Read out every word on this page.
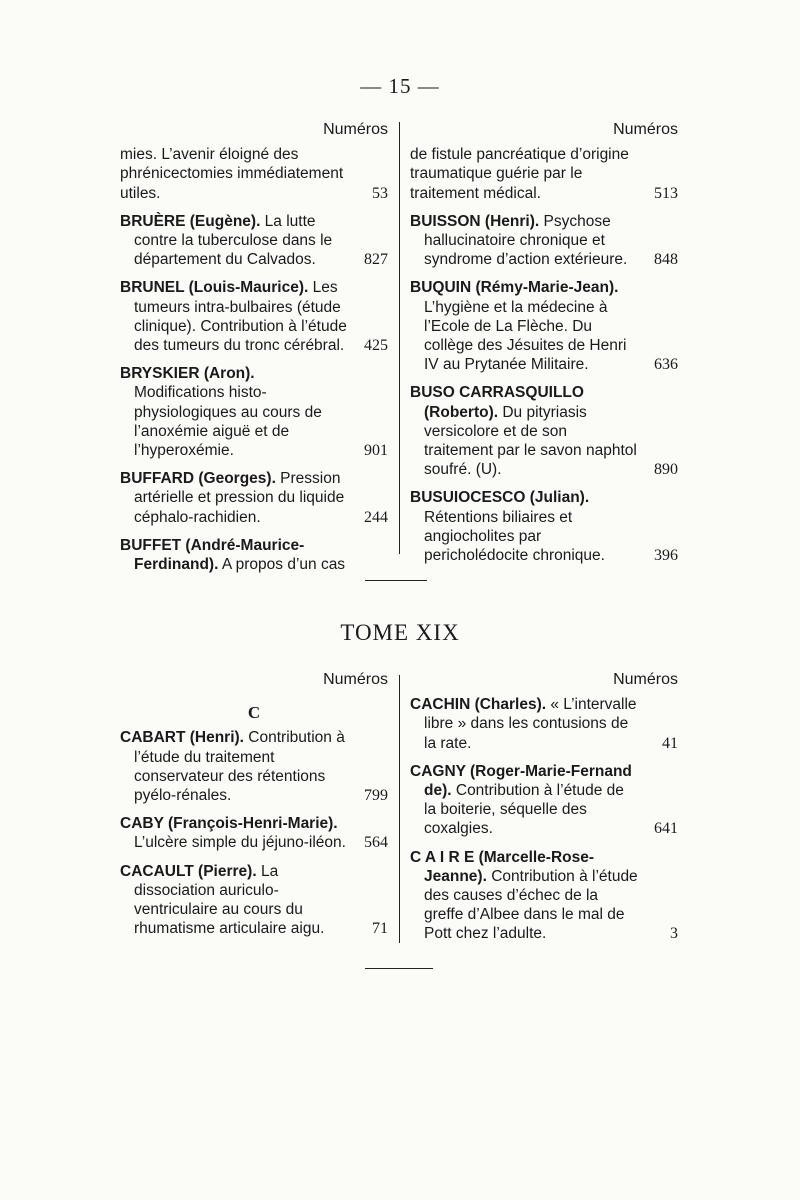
— 15 —
Numéros
mies. L’avenir éloigné des phrénicectomies immédiatement utiles.	53
BRUÈRE (Eugène). La lutte contre la tuberculose dans le département du Calvados.	827
BRUNEL (Louis-Maurice). Les tumeurs intra-bulbaires (étude clinique). Contribution à l’étude des tumeurs du tronc cérébral. 425
BRYSKIER (Aron). Modifications histo-physiologiques au cours de l’anoxémie aiguë et de l’hyperoxémie.	901
BUFFARD (Georges). Pression artérielle et pression du liquide céphalo-rachidien.	244
BUFFET (André-Maurice-Ferdinand). A propos d’un cas
Numéros
de fistule pancréatique d’origine traumatique guérie par le traitement médical.	513
BUISSON (Henri). Psychose hallucinatoire chronique et syndrome d’action extérieure. 848
BUQUIN (Rémy-Marie-Jean). L’hygiène et la médecine à l’Ecole de La Flèche. Du collège des Jésuites de Henri IV au Prytanée Militaire.	636
BUSO CARRASQUILLO (Roberto). Du pityriasis versicolore et de son traitement par le savon naphtol soufré. (U).	890
BUSUIOCESCO (Julian). Rétentions biliaires et angiocholites par pericholédocite chronique.	396
TOME XIX
Numéros
C
CABART (Henri). Contribution à l’étude du traitement conservateur des rétentions pyélo-rénales.	799
CABY (François-Henri-Marie). L’ulcère simple du jéjuno-iléon. 564
CACAULT (Pierre). La dissociation auriculo-ventriculaire au cours du rhumatisme articulaire aigu.	71
Numéros
CACHIN (Charles). « L’intervalle libre » dans les contusions de la rate.	41
CAGNY (Roger-Marie-Fernand de). Contribution à l’étude de la boiterie, séquelle des coxalgies.	641
C A I R E (Marcelle-Rose-Jeanne). Contribution à l’étude des causes d’échec de la greffe d’Albee dans le mal de Pott chez l’adulte.	3
